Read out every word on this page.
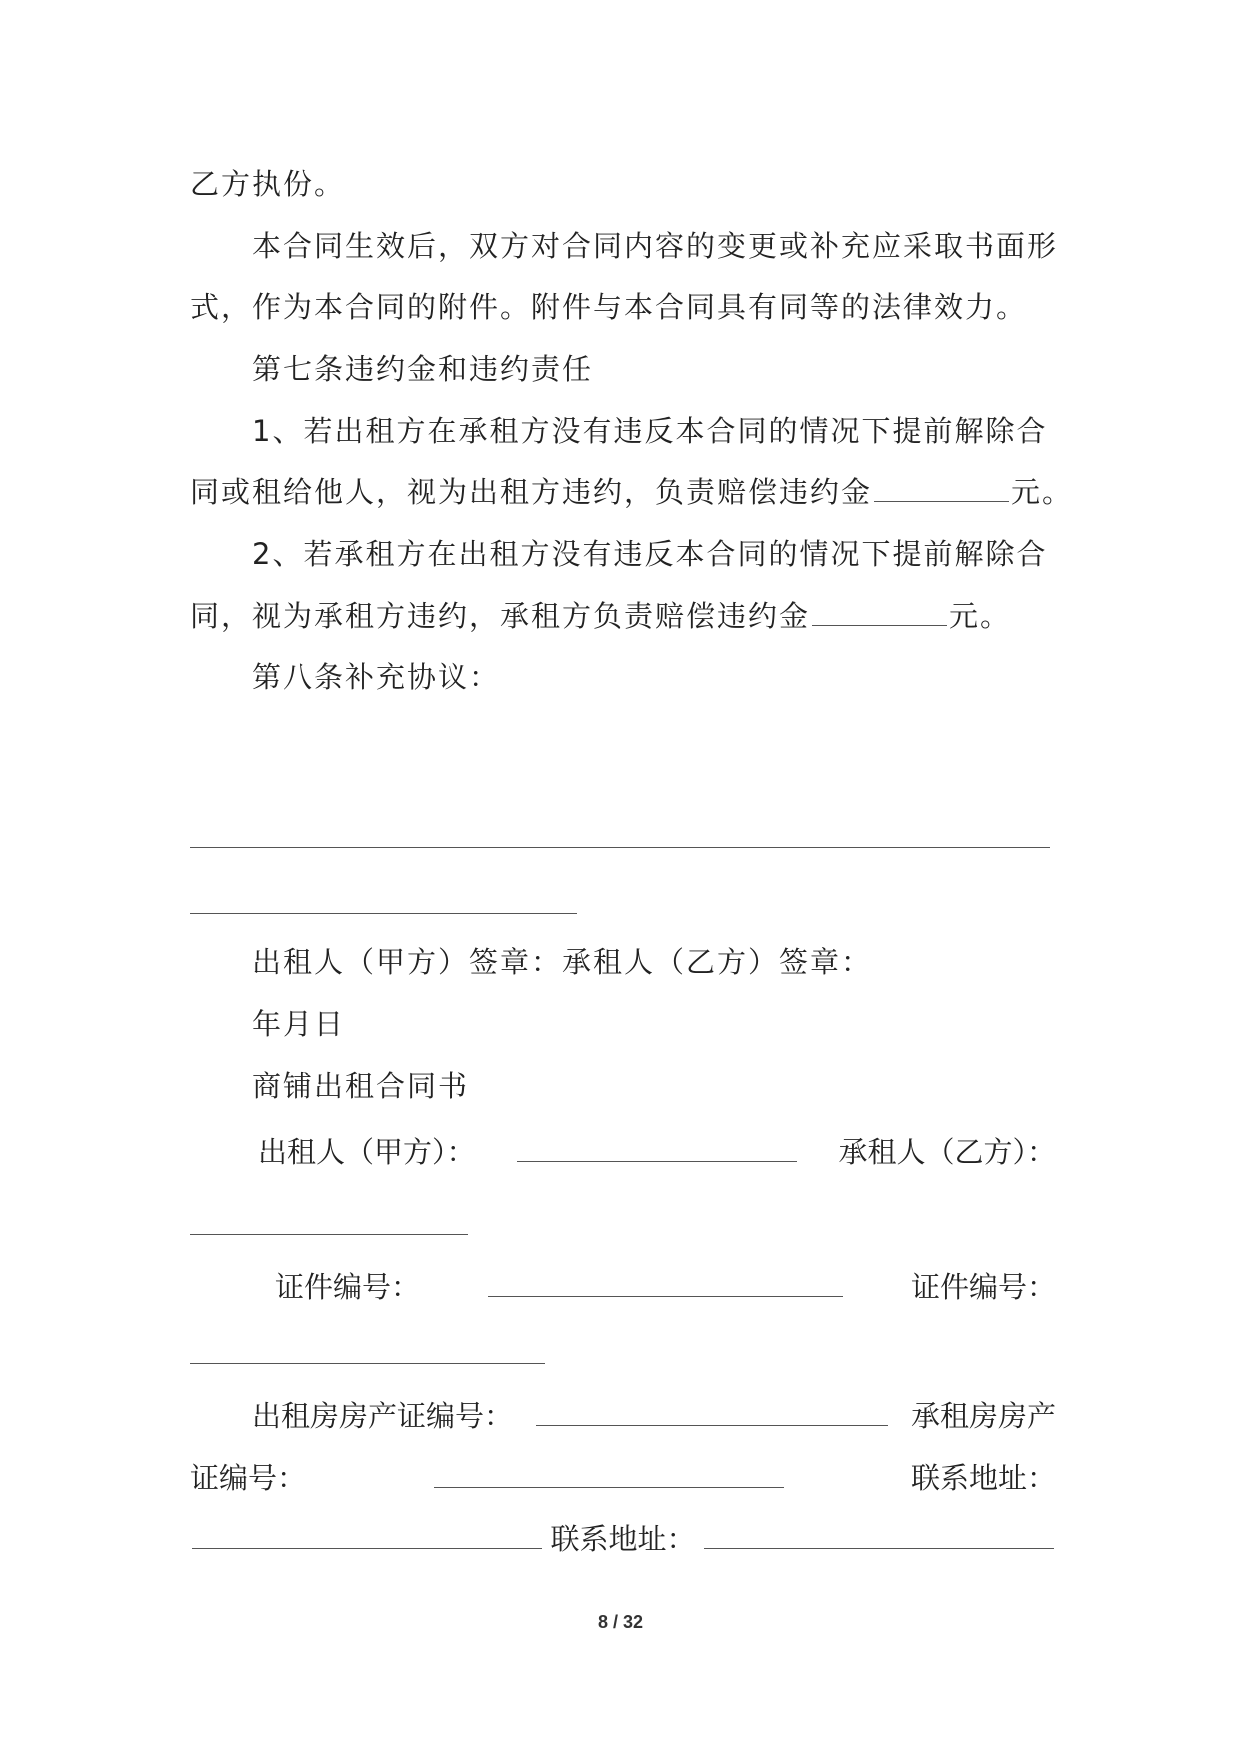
乙方执份。
本合同生效后，双方对合同内容的变更或补充应采取书面形
式，作为本合同的附件。附件与本合同具有同等的法律效力。
第七条违约金和违约责任
1、若出租方在承租方没有违反本合同的情况下提前解除合
同或租给他人，视为出租方违约，负责赔偿违约金	元。
2、若承租方在出租方没有违反本合同的情况下提前解除合
同，视为承租方违约，承租方负责赔偿违约金	元。
第八条补充协议：
出租人（甲方）签章：承租人（乙方）签章：
年月日
商铺出租合同书
出租人（甲方）：	承租人（乙方）：
证件编号：	证件编号：
出租房房产证编号：	承租房房产
证编号：	联系地址：
联系地址：
8 / 32
